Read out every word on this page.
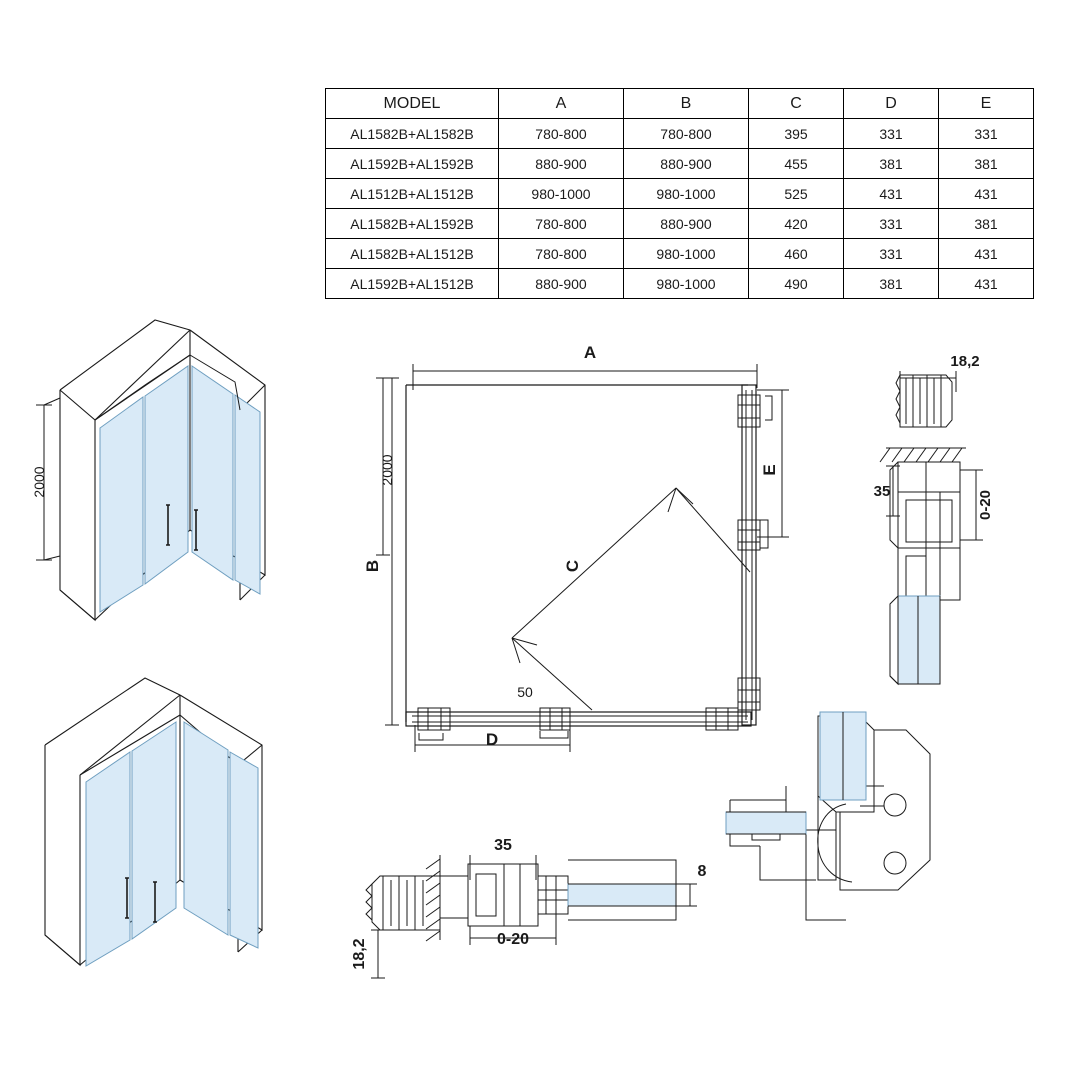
MODEL	A	B	C	D	E
AL1582B+AL1582B	780-800	780-800	395	331	331
AL1592B+AL1592B	880-900	880-900	455	381	381
AL1512B+AL1512B	980-1000	980-1000	525	431	431
AL1582B+AL1592B	780-800	880-900	420	331	381
AL1582B+AL1512B	780-800	980-1000	460	331	431
AL1592B+AL1512B	880-900	980-1000	490	381	431
2000
A
B
2000	E
D
C
50
18,2
35	0-20
35
8
0-20
18,2
